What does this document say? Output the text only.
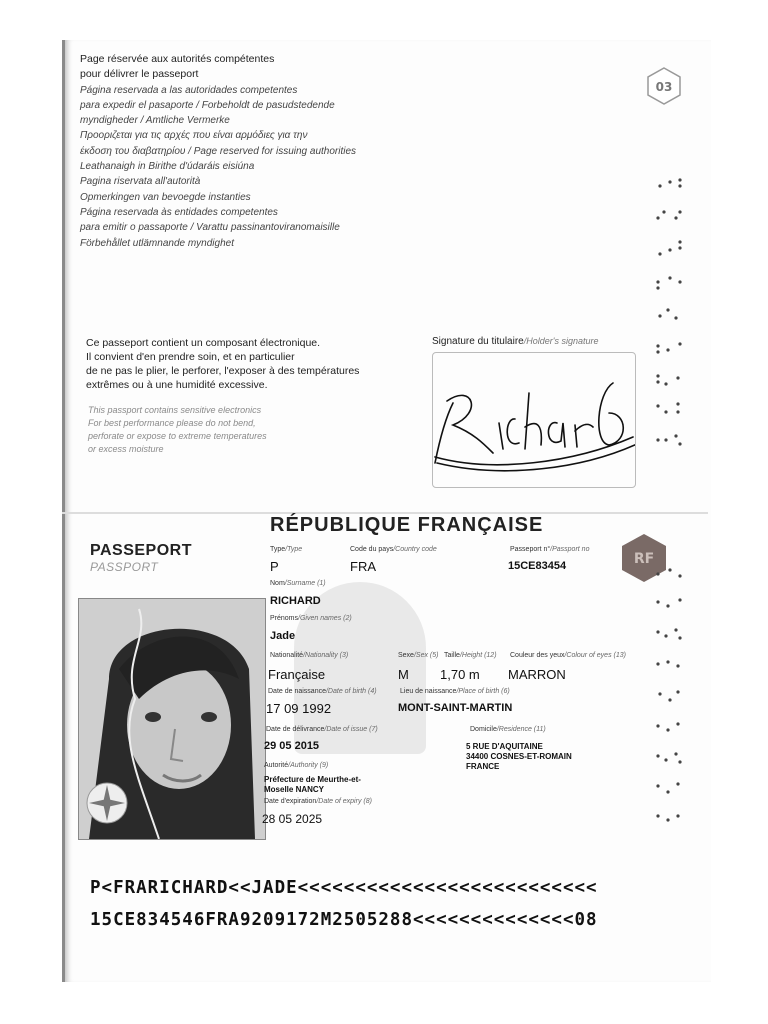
Page réservée aux autorités compétentes
pour délivrer le passeport
Página reservada a las autoridades competentes
para expedir el pasaporte / Forbeholdt de pasudstedende
myndigheder / Amtliche Vermerke
Προοριζεται για τις αρχές που είναι αρμόδιες για την
έκδοση του διαβατηρίου / Page reserved for issuing authorities
Leathanaigh in Birithe d'údaráis eisiúna
Pagina riservata all'autorità
Opmerkingen van bevoegde instanties
Página reservada às entidades competentes
para emitir o passaporte / Varattu passinantoviranomaisille
Förbehållet utlämnande myndighet
03
Ce passeport contient un composant électronique.
Il convient d'en prendre soin, et en particulier
de ne pas le plier, le perforer, l'exposer à des températures
extrêmes ou à une humidité excessive.
This passport contains sensitive electronics
For best performance please do not bend,
perforate or expose to extreme temperatures
or excess moisture
Signature du titulaire/Holder's signature
RÉPUBLIQUE FRANÇAISE
PASSEPORT
PASSPORT	RF
Type/Type
P
Code du pays/Country code
FRA
Passeport n°/Passport no
15CE83454
Nom/Surname (1)
RICHARD
Prénoms/Given names (2)
Jade
Nationalité/Nationality (3)
Française
Sexe/Sex (5)
M
Taille/Height (12)
1,70 m
Couleur des yeux/Colour of eyes (13)
MARRON
Date de naissance/Date of birth (4)
17 09 1992
Lieu de naissance/Place of birth (6)
MONT-SAINT-MARTIN
Date de délivrance/Date of issue (7)
29 05 2015
Domicile/Residence (11)
5 RUE D'AQUITAINE
34400 COSNES-ET-ROMAIN
FRANCE
Autorité/Authority (9)
Préfecture de Meurthe-et-
Moselle NANCY
Date d'expiration/Date of expiry (8)
28 05 2025
P<FRARICHARD<<JADE<<<<<<<<<<<<<<<<<<<<<<<<<<
15CE834546FRA9209172M2505288<<<<<<<<<<<<<<08
